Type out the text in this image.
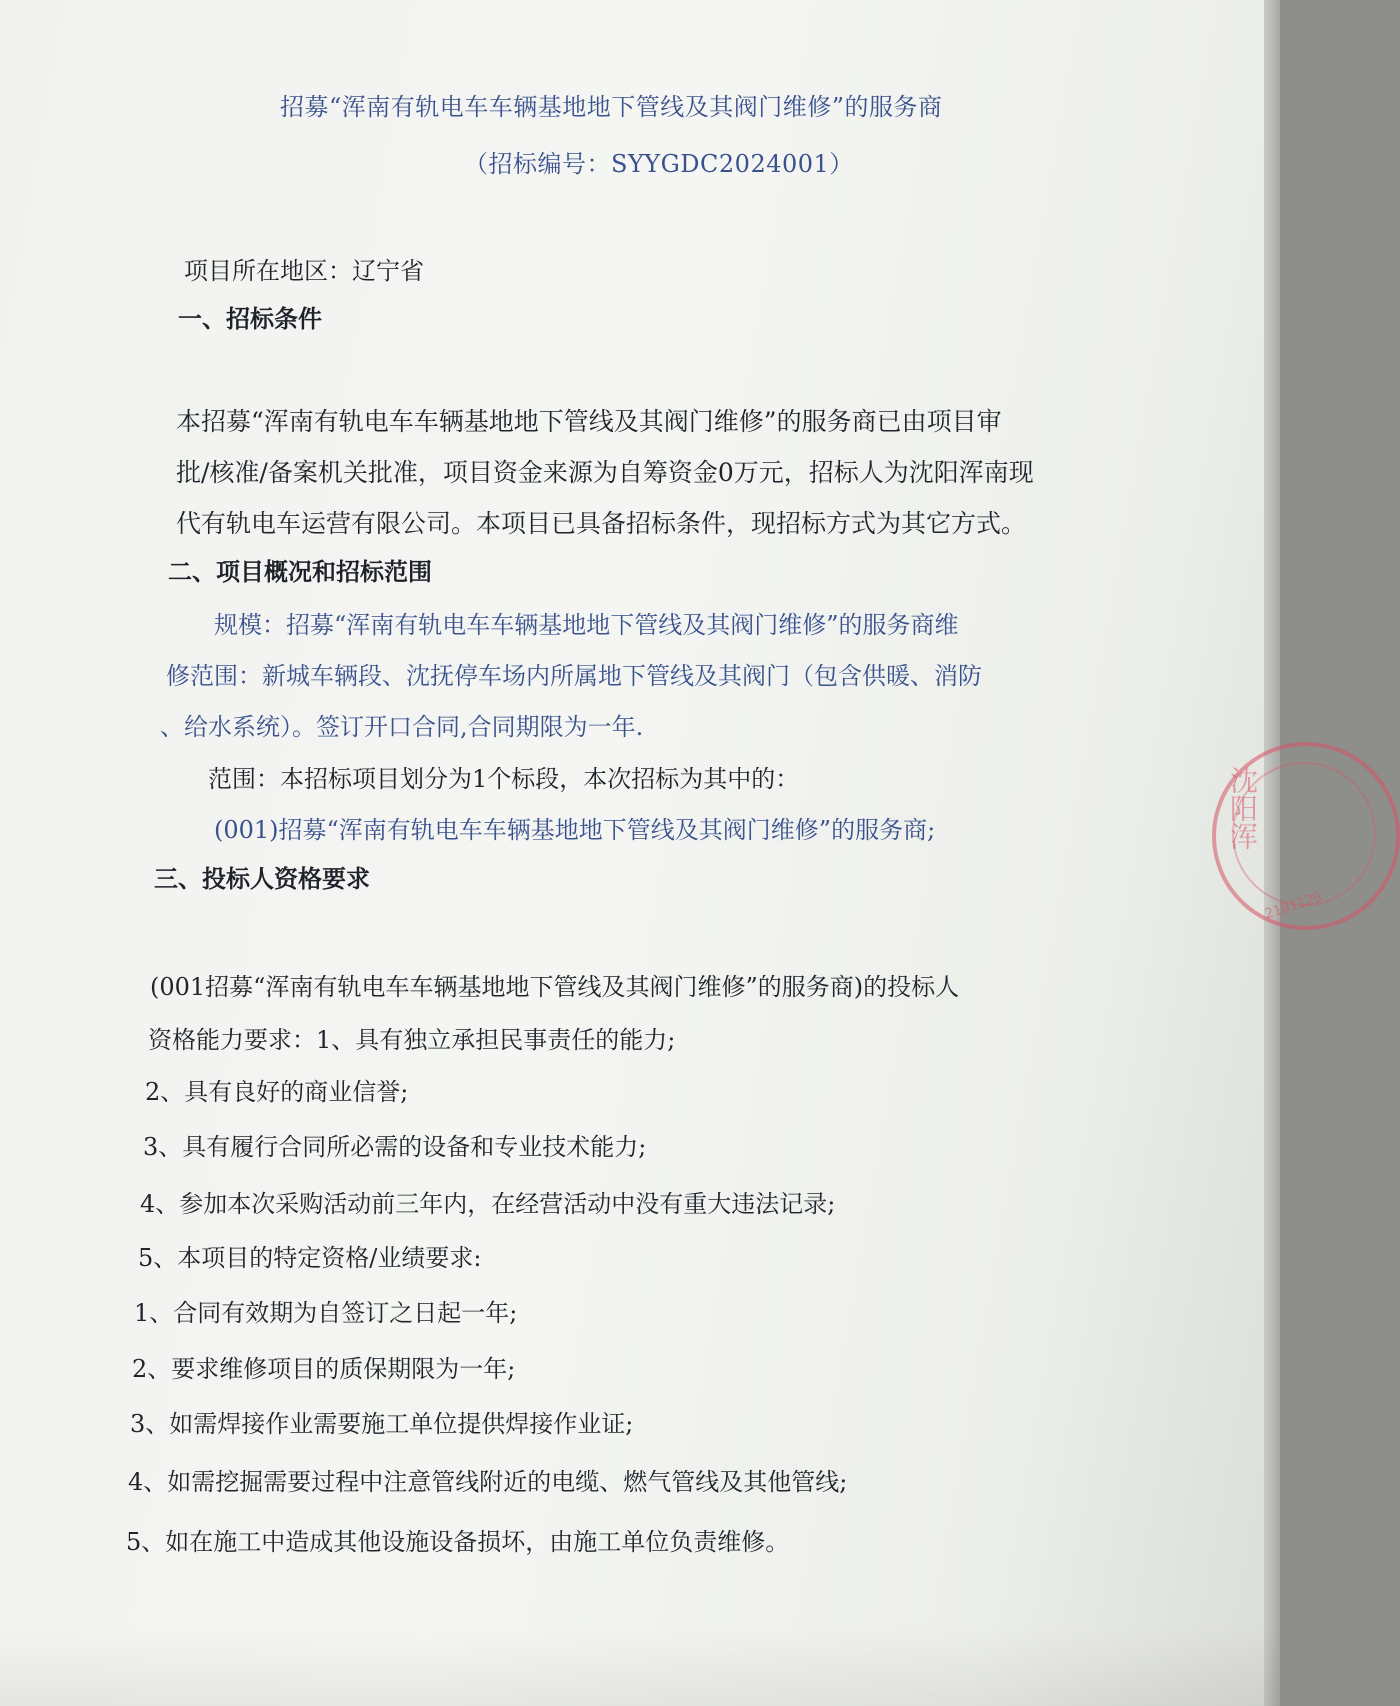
沈阳浑
2101120
招募“浑南有轨电车车辆基地地下管线及其阀门维修”的服务商
（招标编号：SYYGDC2024001）
项目所在地区：辽宁省
一、招标条件
本招募“浑南有轨电车车辆基地地下管线及其阀门维修”的服务商已由项目审
批/核准/备案机关批准，项目资金来源为自筹资金0万元，招标人为沈阳浑南现
代有轨电车运营有限公司。本项目已具备招标条件，现招标方式为其它方式。
二、项目概况和招标范围
规模：招募“浑南有轨电车车辆基地地下管线及其阀门维修”的服务商维
修范围：新城车辆段、沈抚停车场内所属地下管线及其阀门（包含供暖、消防
、给水系统）。签订开口合同,合同期限为一年.
范围：本招标项目划分为1个标段，本次招标为其中的：
(001)招募“浑南有轨电车车辆基地地下管线及其阀门维修”的服务商;
三、投标人资格要求
(001招募“浑南有轨电车车辆基地地下管线及其阀门维修”的服务商)的投标人
资格能力要求：1、具有独立承担民事责任的能力;
2、具有良好的商业信誉;
3、具有履行合同所必需的设备和专业技术能力;
4、参加本次采购活动前三年内，在经营活动中没有重大违法记录;
5、本项目的特定资格/业绩要求:
1、合同有效期为自签订之日起一年;
2、要求维修项目的质保期限为一年;
3、如需焊接作业需要施工单位提供焊接作业证;
4、如需挖掘需要过程中注意管线附近的电缆、燃气管线及其他管线;
5、如在施工中造成其他设施设备损坏，由施工单位负责维修。
